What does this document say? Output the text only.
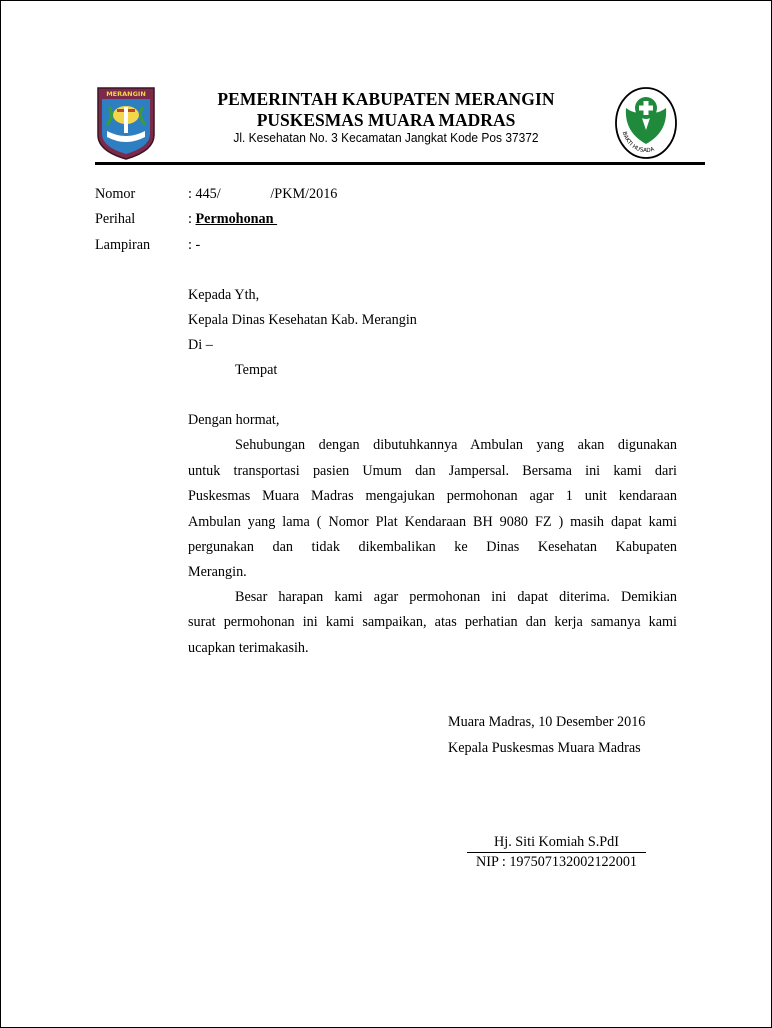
MERANGIN	PEMERINTAH KABUPATEN MERANGIN
PUSKESMAS MUARA MADRAS
Jl. Kesehatan No. 3 Kecamatan Jangkat Kode Pos 37372	BAKTI HUSADA
Nomor	: 445/              /PKM/2016
Perihal	: Permohonan
Lampiran	: -
Kepada Yth,
Kepala Dinas Kesehatan Kab. Merangin
Di –
Tempat
Dengan hormat,
Sehubungan dengan dibutuhkannya Ambulan yang akan digunakan
untuk transportasi pasien Umum dan Jampersal. Bersama ini kami dari
Puskesmas Muara Madras mengajukan permohonan agar 1 unit kendaraan
Ambulan yang lama ( Nomor Plat Kendaraan BH 9080 FZ ) masih dapat kami
pergunakan dan tidak dikembalikan ke Dinas Kesehatan Kabupaten
Merangin.
Besar harapan kami agar permohonan ini dapat diterima. Demikian
surat permohonan ini kami sampaikan, atas perhatian dan kerja samanya kami
ucapkan terimakasih.
Muara Madras, 10 Desember 2016
Kepala Puskesmas Muara Madras
Hj. Siti Komiah S.PdI
NIP : 197507132002122001
